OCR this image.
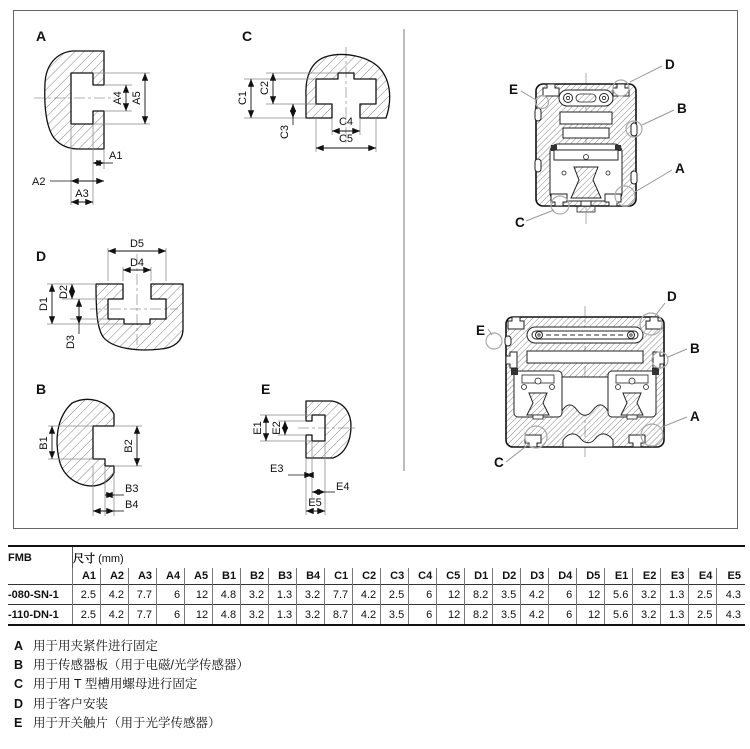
A
A4 A5
A1
A2
A3
C
C1
C2
C3
C4
C5
D
D5
D4
D1
D2
D3
B
B1	B2
B3
B4
E
E1 E2
E3
E4
E5
E
D
B
A
C
E
D
B
A
C
FMB	尺寸 (mm)																							
	A1	A2	A3	A4	A5	B1	B2	B3	B4	C1	C2	C3	C4	C5	D1	D2	D3	D4	D5	E1	E2	E3	E4	E5
-080-SN-1	2.5	4.2	7.7	6	12	4.8	3.2	1.3	3.2	7.7	4.2	2.5	6	12	8.2	3.5	4.2	6	12	5.6	3.2	1.3	2.5	4.3
-110-DN-1	2.5	4.2	7.7	6	12	4.8	3.2	1.3	3.2	8.7	4.2	3.5	6	12	8.2	3.5	4.2	6	12	5.6	3.2	1.3	2.5	4.3
A 用于用夹紧件进行固定
B 用于传感器板（用于电磁/光学传感器）
C 用于用 T 型槽用螺母进行固定
D 用于客户安装
E 用于开关触片（用于光学传感器）
